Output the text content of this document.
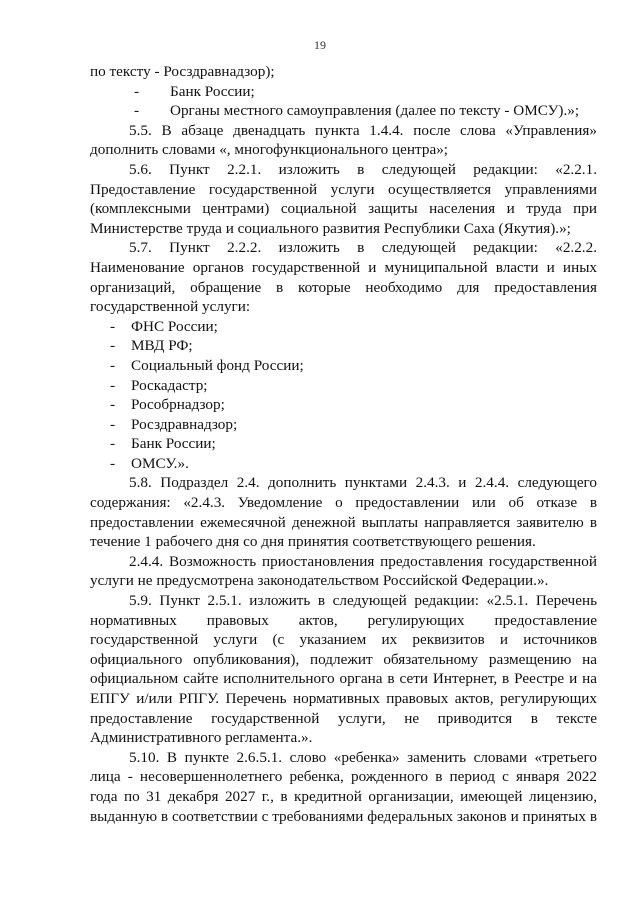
19

по тексту - Росздравнадзор);

- Банк России;
- Органы местного самоуправления (далее по тексту - ОМСУ).»;

5.5. В абзаце двенадцать пункта 1.4.4. после слова «Управления» дополнить словами «, многофункционального центра»;

5.6. Пункт 2.2.1. изложить в следующей редакции: «2.2.1. Предоставление государственной услуги осуществляется управлениями (комплексными центрами) социальной защиты населения и труда при Министерстве труда и социального развития Республики Саха (Якутия).»;

5.7. Пункт 2.2.2. изложить в следующей редакции: «2.2.2. Наименование органов государственной и муниципальной власти и иных организаций, обращение в которые необходимо для предоставления государственной услуги:

- ФНС России;
- МВД РФ;
- Социальный фонд России;
- Роскадастр;
- Рособрнадзор;
- Росздравнадзор;
- Банк России;
- ОМСУ.».

5.8. Подраздел 2.4. дополнить пунктами 2.4.3. и 2.4.4. следующего содержания: «2.4.3. Уведомление о предоставлении или об отказе в предоставлении ежемесячной денежной выплаты направляется заявителю в течение 1 рабочего дня со дня принятия соответствующего решения.

2.4.4. Возможность приостановления предоставления государственной услуги не предусмотрена законодательством Российской Федерации.».

5.9. Пункт 2.5.1. изложить в следующей редакции: «2.5.1. Перечень нормативных правовых актов, регулирующих предоставление государственной услуги (с указанием их реквизитов и источников официального опубликования), подлежит обязательному размещению на официальном сайте исполнительного органа в сети Интернет, в Реестре и на ЕПГУ и/или РПГУ. Перечень нормативных правовых актов, регулирующих предоставление государственной услуги, не приводится в тексте Административного регламента.».

5.10. В пункте 2.6.5.1. слово «ребенка» заменить словами «третьего лица - несовершеннолетнего ребенка, рожденного в период с января 2022 года по 31 декабря 2027 г., в кредитной организации, имеющей лицензию, выданную в соответствии с требованиями федеральных законов и принятых в
